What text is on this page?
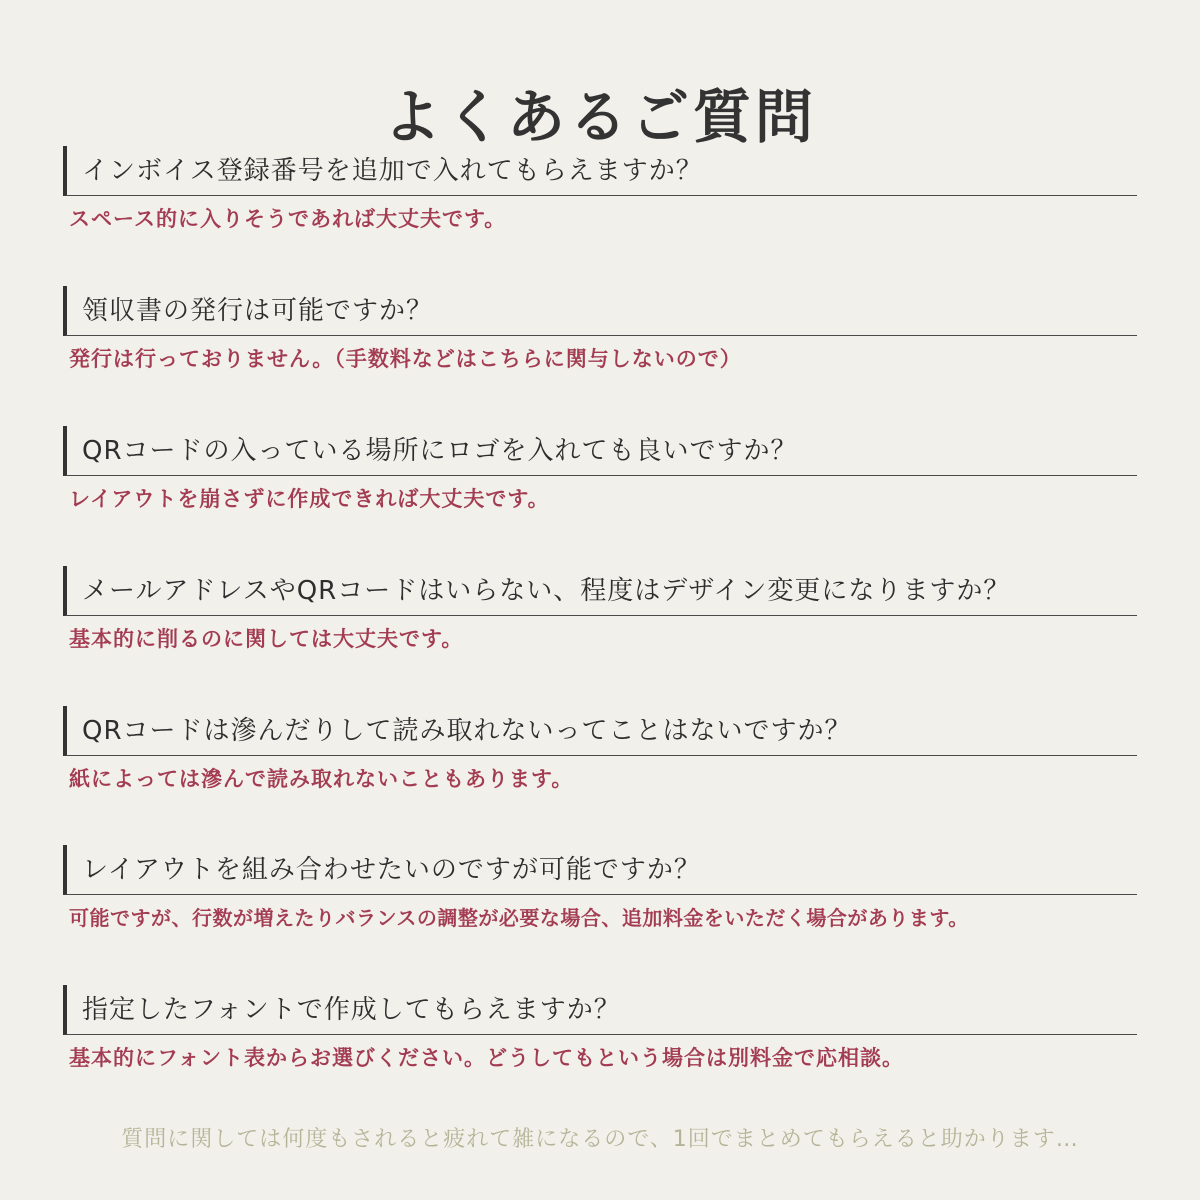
よくあるご質問
インボイス登録番号を追加で入れてもらえますか？
スペース的に入りそうであれば大丈夫です。
領収書の発行は可能ですか？
発行は行っておりません。（手数料などはこちらに関与しないので）
QRコードの入っている場所にロゴを入れても良いですか？
レイアウトを崩さずに作成できれば大丈夫です。
メールアドレスやQRコードはいらない、程度はデザイン変更になりますか？
基本的に削るのに関しては大丈夫です。
QRコードは滲んだりして読み取れないってことはないですか？
紙によっては滲んで読み取れないこともあります。
レイアウトを組み合わせたいのですが可能ですか？
可能ですが、行数が増えたりバランスの調整が必要な場合、追加料金をいただく場合があります。
指定したフォントで作成してもらえますか？
基本的にフォント表からお選びください。どうしてもという場合は別料金で応相談。
質問に関しては何度もされると疲れて雑になるので、1回でまとめてもらえると助かります…
